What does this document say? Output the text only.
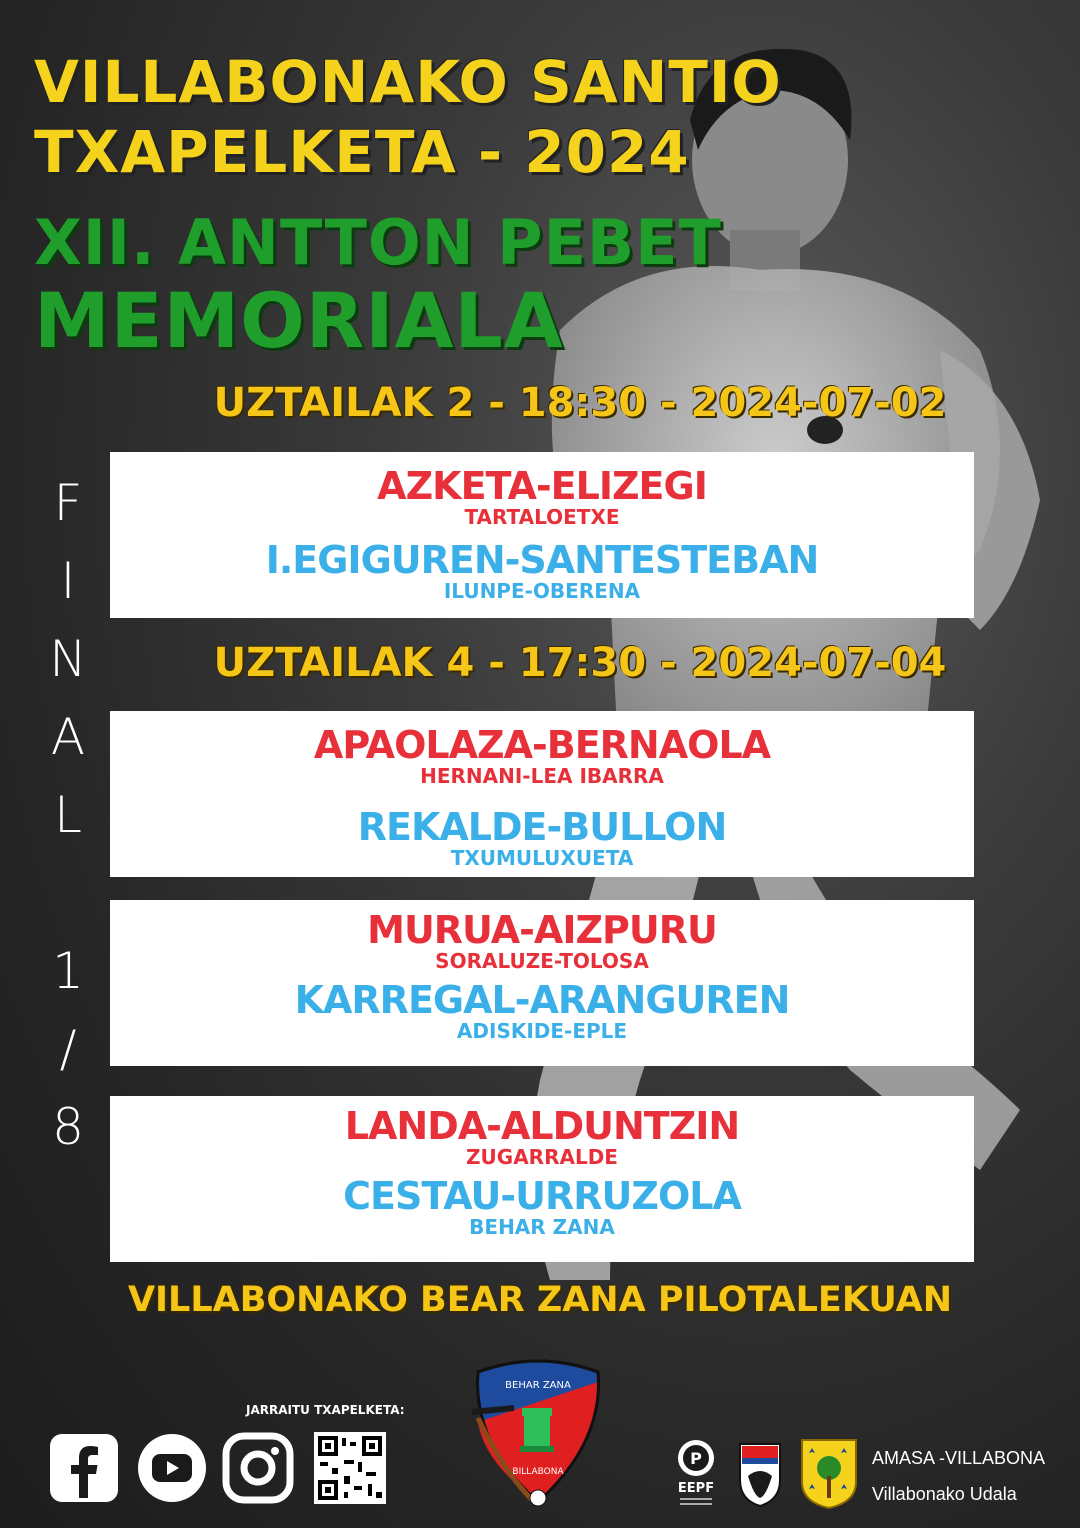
VILLABONAKO SANTIO
TXAPELKETA - 2024
XII. ANTTON PEBET
MEMORIALA
UZTAILAK 2 - 18:30 - 2024-07-02
UZTAILAK 4 - 17:30 - 2024-07-04
F
I
N
A
L
1
/
8
AZKETA-ELIZEGI
TARTALOETXE
I.EGIGUREN-SANTESTEBAN
ILUNPE-OBERENA
APAOLAZA-BERNAOLA
HERNANI-LEA IBARRA
REKALDE-BULLON
TXUMULUXUETA
MURUA-AIZPURU
SORALUZE-TOLOSA
KARREGAL-ARANGUREN
ADISKIDE-EPLE
LANDA-ALDUNTZIN
ZUGARRALDE
CESTAU-URRUZOLA
BEHAR ZANA
VILLABONAKO BEAR ZANA PILOTALEKUAN
JARRAITU TXAPELKETA:
BEHAR ZANA
BILLABONA
P
EEPF
AMASA -VILLABONA
Villabonako Udala
